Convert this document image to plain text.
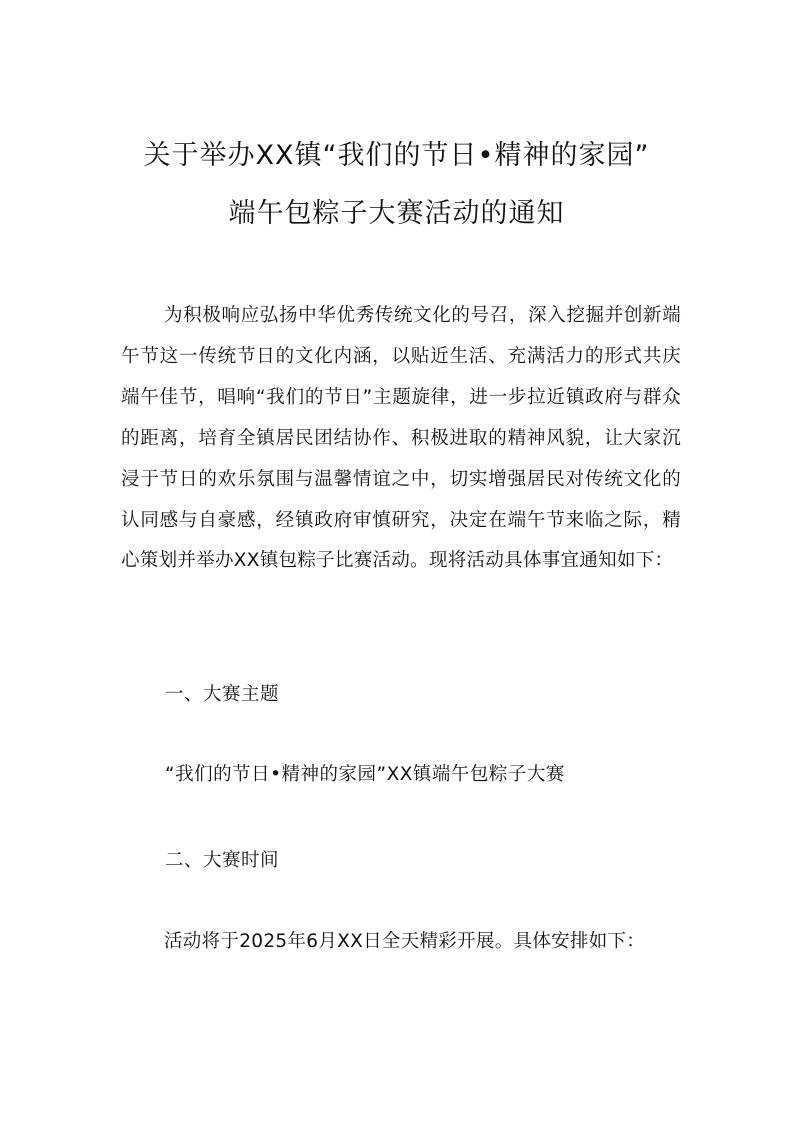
关于举办XX镇“我们的节日•精神的家园”
端午包粽子大赛活动的通知
为积极响应弘扬中华优秀传统文化的号召，深入挖掘并创新端午节这一传统节日的文化内涵，以贴近生活、充满活力的形式共庆端午佳节，唱响“我们的节日”主题旋律，进一步拉近镇政府与群众的距离，培育全镇居民团结协作、积极进取的精神风貌，让大家沉浸于节日的欢乐氛围与温馨情谊之中，切实增强居民对传统文化的认同感与自豪感，经镇政府审慎研究，决定在端午节来临之际，精心策划并举办XX镇包粽子比赛活动。现将活动具体事宜通知如下：
一、大赛主题
“我们的节日•精神的家园”XX镇端午包粽子大赛
二、大赛时间
活动将于2025年6月XX日全天精彩开展。具体安排如下：
